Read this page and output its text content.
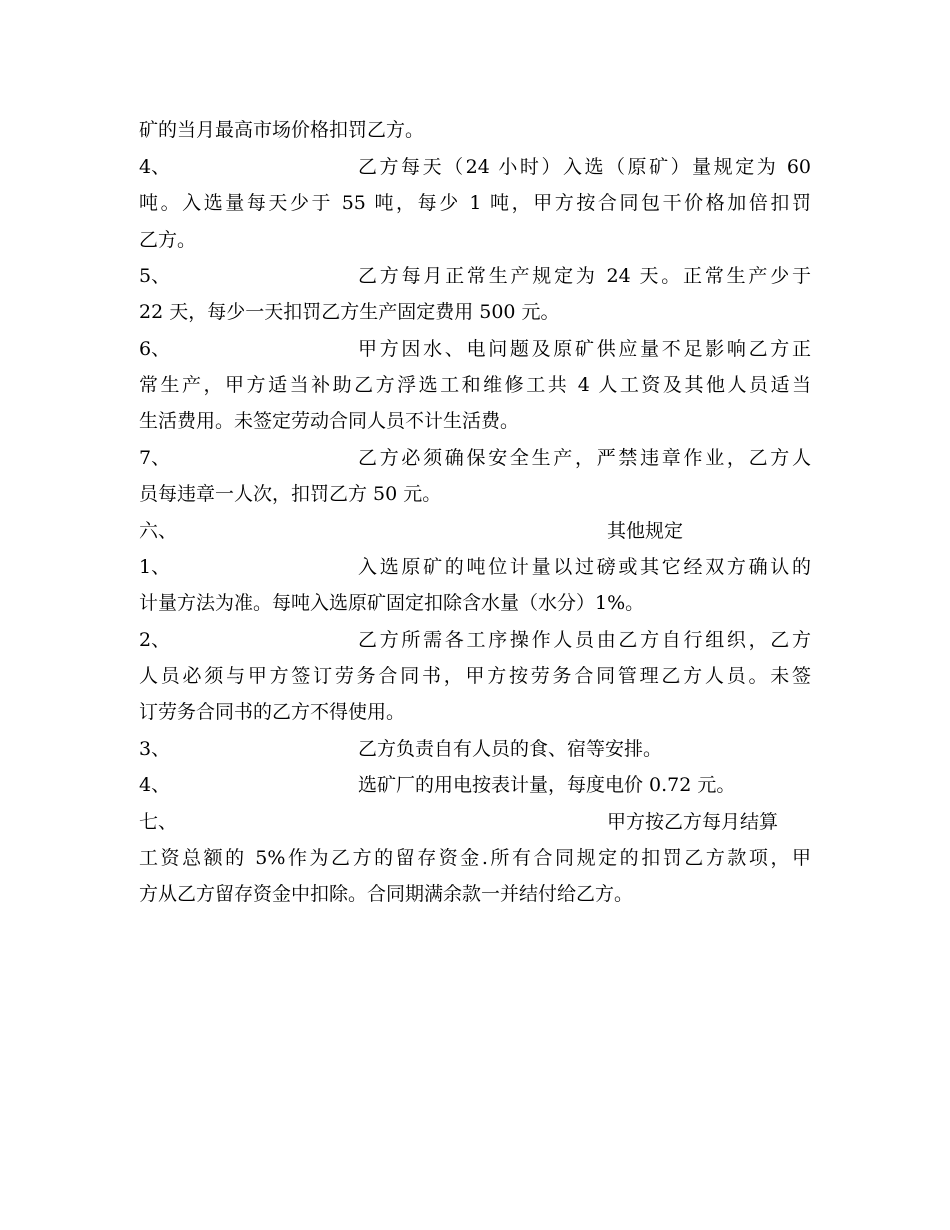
矿的当月最高市场价格扣罚乙方。
4、	乙方每天（24 小时）入选（原矿）量规定为 60
吨。入选量每天少于 55 吨，每少 1 吨，甲方按合同包干价格加倍扣罚
乙方。
5、	乙方每月正常生产规定为 24 天。正常生产少于
22 天，每少一天扣罚乙方生产固定费用 500 元。
6、	甲方因水、电问题及原矿供应量不足影响乙方正
常生产，甲方适当补助乙方浮选工和维修工共 4 人工资及其他人员适当
生活费用。未签定劳动合同人员不计生活费。
7、	乙方必须确保安全生产，严禁违章作业，乙方人
员每违章一人次，扣罚乙方 50 元。
六、	其他规定
1、	入选原矿的吨位计量以过磅或其它经双方确认的
计量方法为准。每吨入选原矿固定扣除含水量（水分）1%。
2、	乙方所需各工序操作人员由乙方自行组织，乙方
人员必须与甲方签订劳务合同书，甲方按劳务合同管理乙方人员。未签
订劳务合同书的乙方不得使用。
3、	乙方负责自有人员的食、宿等安排。
4、	选矿厂的用电按表计量，每度电价 0.72 元。
七、	甲方按乙方每月结算
工资总额的 5%作为乙方的留存资金.所有合同规定的扣罚乙方款项，甲
方从乙方留存资金中扣除。合同期满余款一并结付给乙方。
